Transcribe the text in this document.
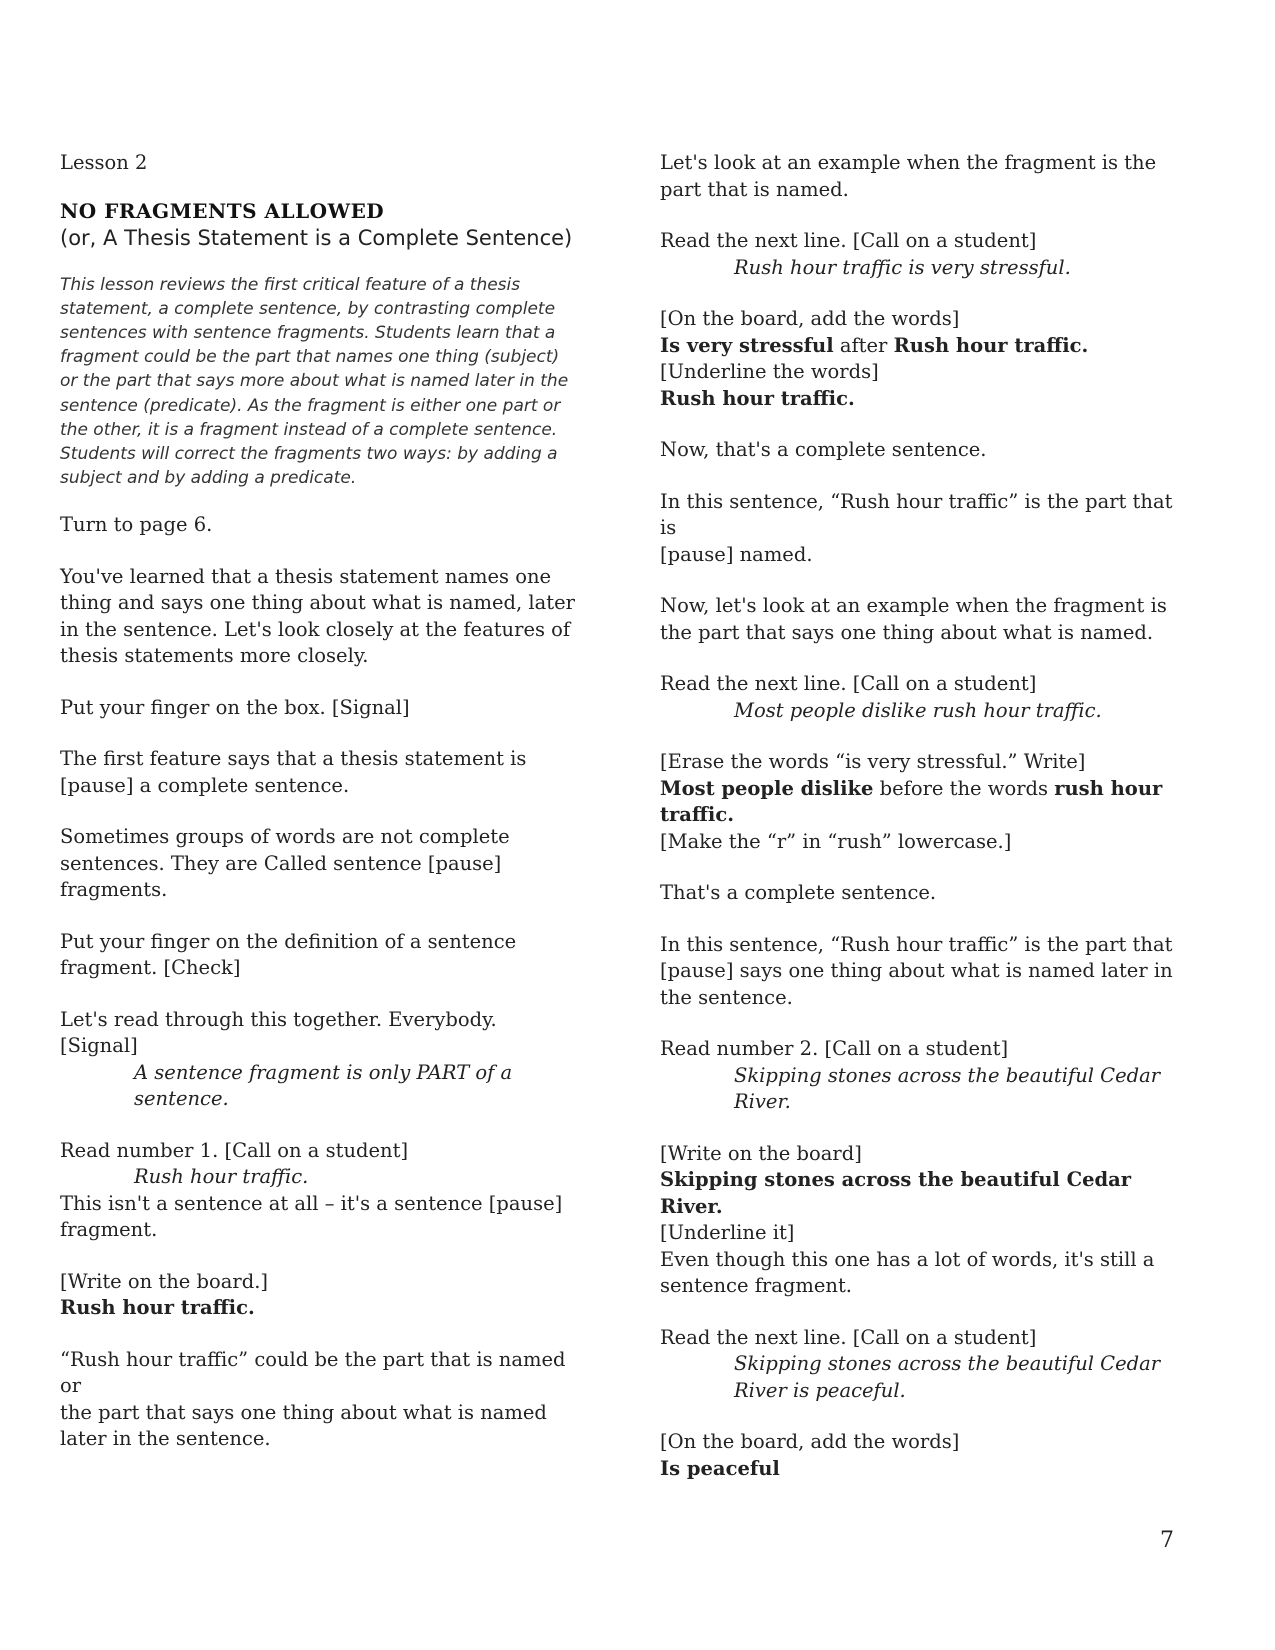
Lesson 2
NO FRAGMENTS ALLOWED
(or, A Thesis Statement is a Complete Sentence)
This lesson reviews the first critical feature of a thesis
statement, a complete sentence, by contrasting complete
sentences with sentence fragments. Students learn that a
fragment could be the part that names one thing (subject)
or the part that says more about what is named later in the
sentence (predicate). As the fragment is either one part or
the other, it is a fragment instead of a complete sentence.
Students will correct the fragments two ways: by adding a
subject and by adding a predicate.
Turn to page 6.
You've learned that a thesis statement names one
thing and says one thing about what is named, later
in the sentence. Let's look closely at the features of
thesis statements more closely.
Put your finger on the box. [Signal]
The first feature says that a thesis statement is
[pause] a complete sentence.
Sometimes groups of words are not complete
sentences. They are Called sentence [pause]
fragments.
Put your finger on the definition of a sentence
fragment. [Check]
Let's read through this together. Everybody. [Signal]
A sentence fragment is only PART of a
sentence.
Read number 1. [Call on a student]
Rush hour traffic.
This isn't a sentence at all – it's a sentence [pause]
fragment.
[Write on the board.]
Rush hour traffic.
“Rush hour traffic” could be the part that is named or
the part that says one thing about what is named
later in the sentence.
Let's look at an example when the fragment is the
part that is named.
Read the next line. [Call on a student]
Rush hour traffic is very stressful.
[On the board, add the words]
Is very stressful after Rush hour traffic.
[Underline the words]
Rush hour traffic.
Now, that's a complete sentence.
In this sentence, “Rush hour traffic” is the part that is
[pause] named.
Now, let's look at an example when the fragment is
the part that says one thing about what is named.
Read the next line. [Call on a student]
Most people dislike rush hour traffic.
[Erase the words “is very stressful.” Write]
Most people dislike before the words rush hour
traffic.
[Make the “r” in “rush” lowercase.]
That's a complete sentence.
In this sentence, “Rush hour traffic” is the part that
[pause] says one thing about what is named later in
the sentence.
Read number 2. [Call on a student]
Skipping stones across the beautiful Cedar
River.
[Write on the board]
Skipping stones across the beautiful Cedar River.
[Underline it]
Even though this one has a lot of words, it's still a
sentence fragment.
Read the next line. [Call on a student]
Skipping stones across the beautiful Cedar
River is peaceful.
[On the board, add the words]
Is peaceful
7
